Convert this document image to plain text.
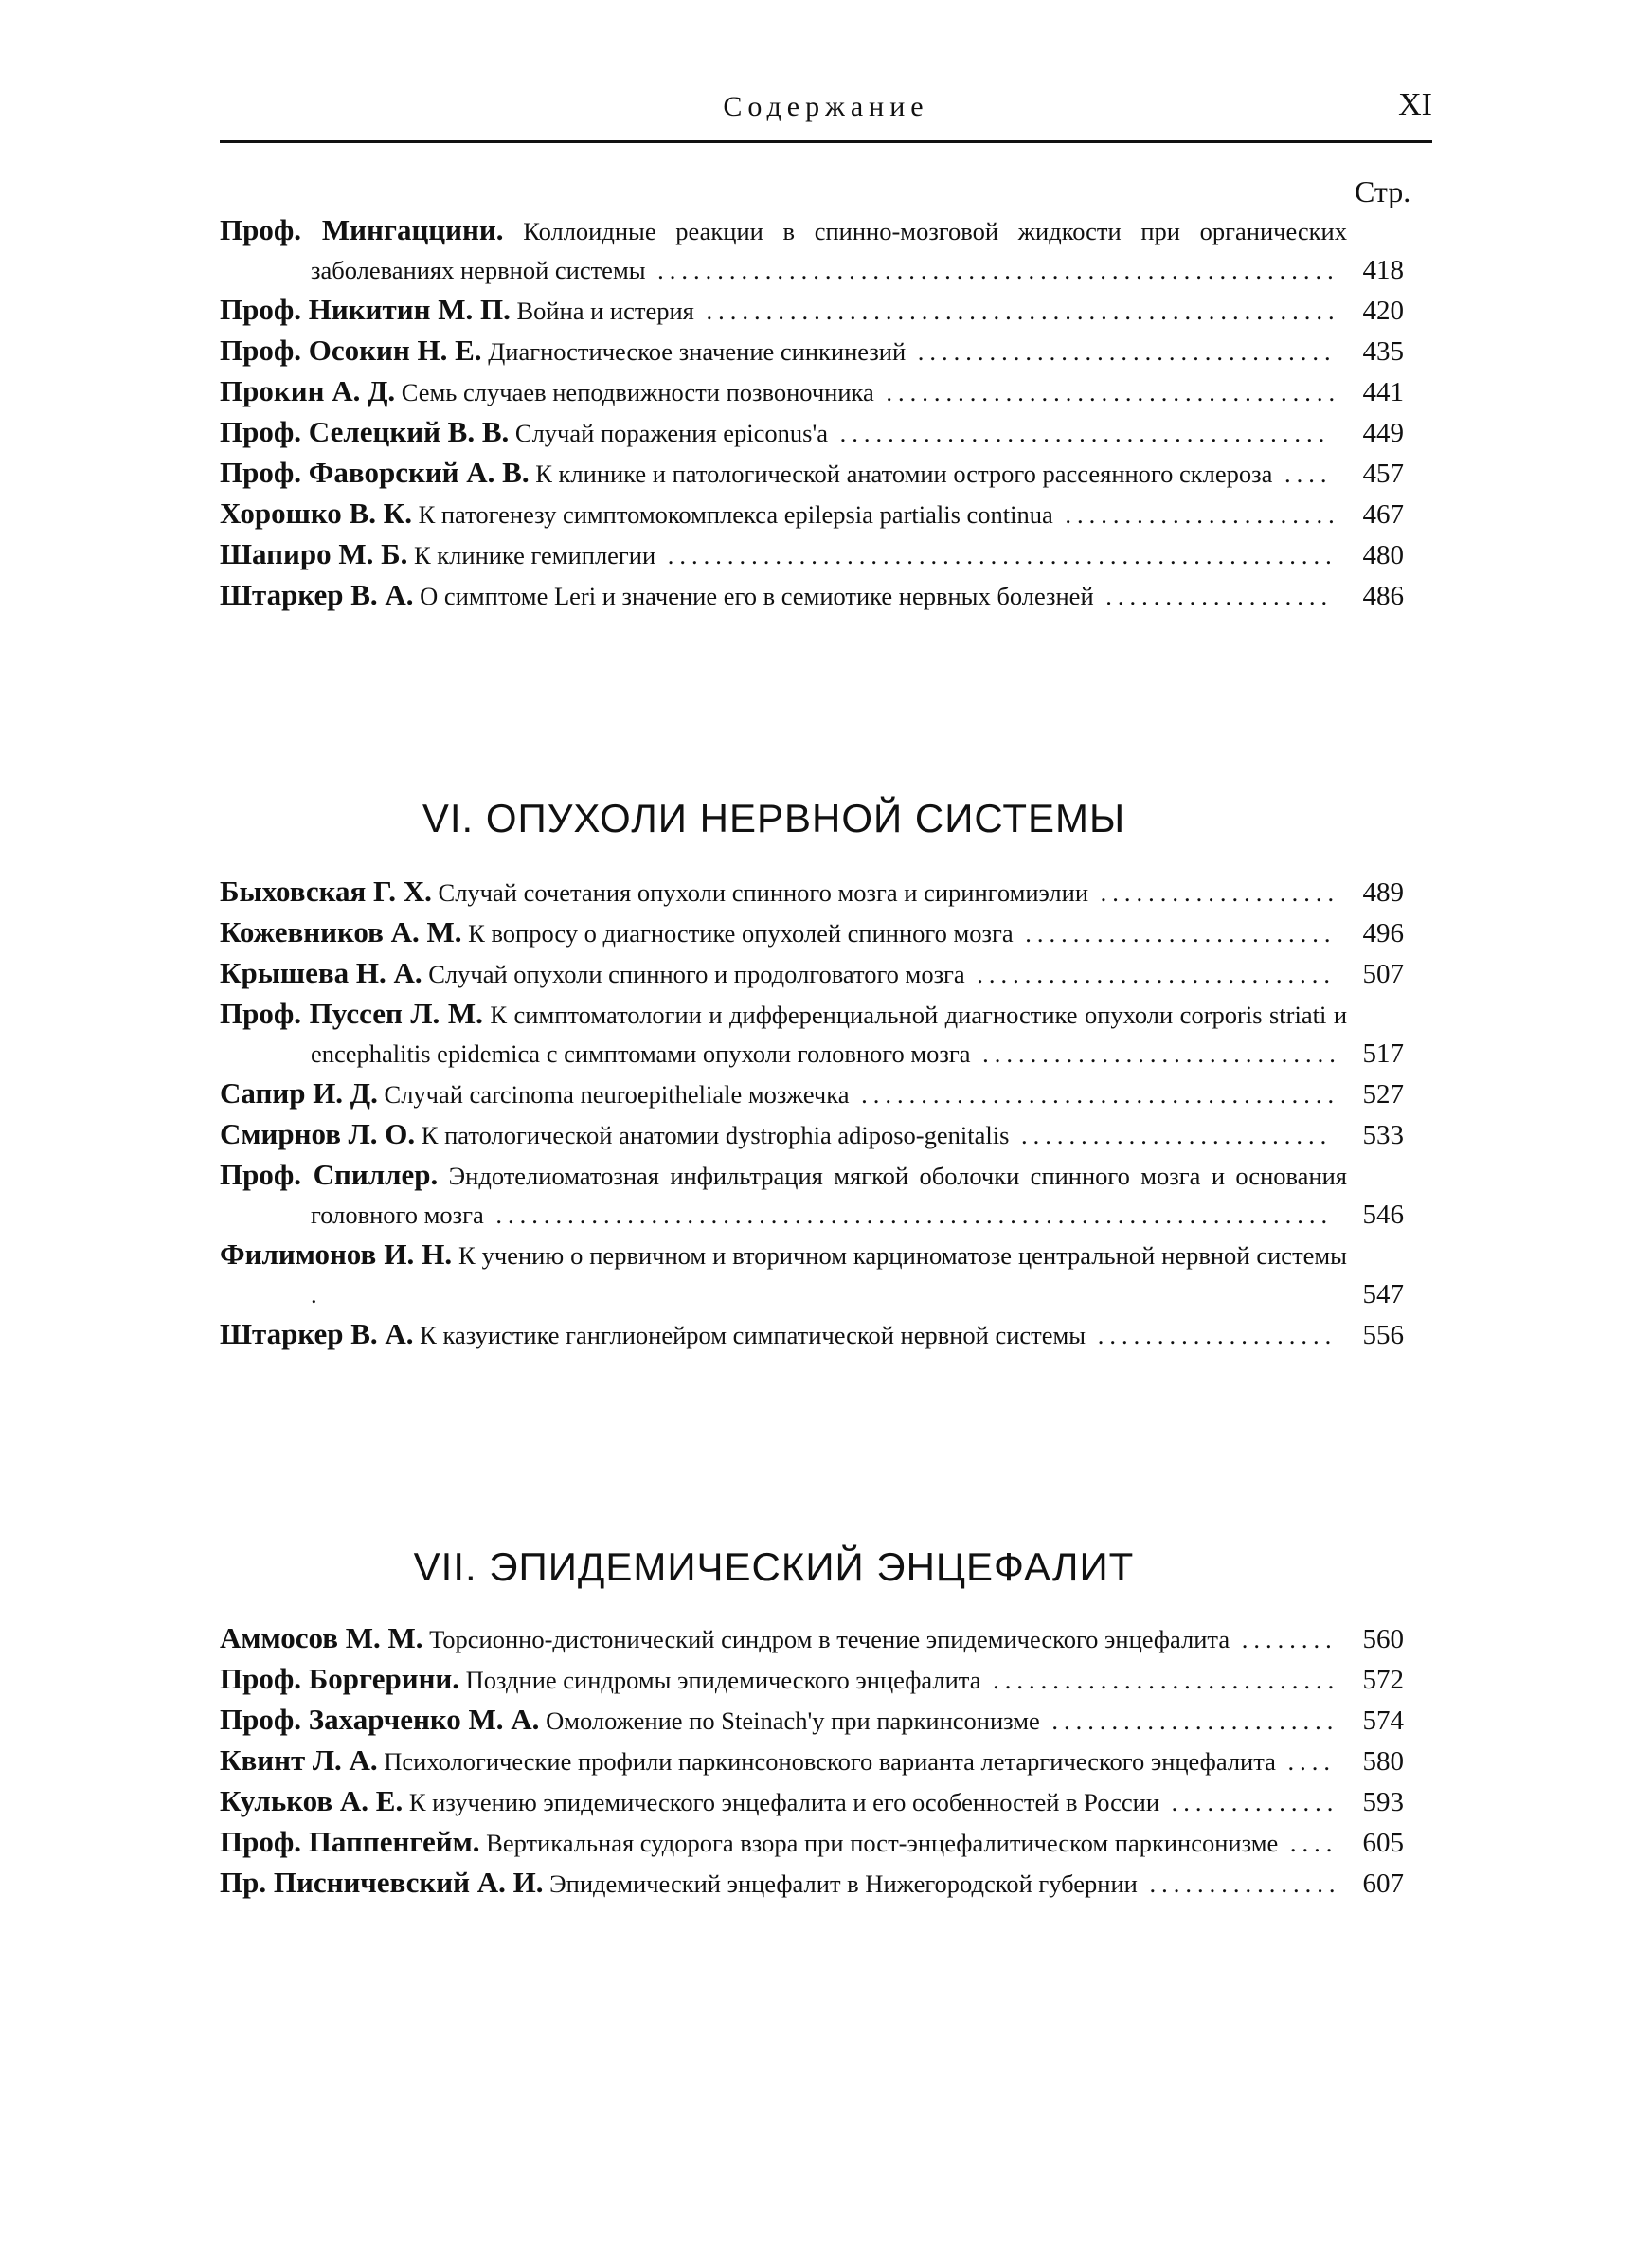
Содержание	XI
Стр.
Проф. Мингаццини. Коллоидные реакции в спинно-мозговой жидкости при органических заболеваниях нервной системы ......................................................... 418
Проф. Никитин М. П. Война и истерия ..................................................... 420
Проф. Осокин Н. Е. Диагностическое значение синкинезий ................................... 435
Прокин А. Д. Семь случаев неподвижности позвоночника ...................................... 441
Проф. Селецкий В. В. Случай поражения epiconus'a .........................................	449
Проф. Фаворский А. В. К клинике и патологической анатомии острого рассеянного склероза ....	457
Хорошко В. К. К патогенезу симптомокомплекса epilepsia partialis continua ....................... 467
Шапиро М. Б. К клинике гемиплегии ........................................................ 480
Штаркер В. А. О симптоме Leri и значение его в семиотике нервных болезней ...................	486
VI. ОПУХОЛИ НЕРВНОЙ СИСТЕМЫ
Быховская Г. Х. Случай сочетания опухоли спинного мозга и сирингомиэлии .................... 489
Кожевников А. М. К вопросу о диагностике опухолей спинного мозга .......................... 496
Крышева Н. А. Случай опухоли спинного и продолговатого мозга .............................. 507
Проф. Пуссеп Л. М. К симптоматологии и дифференциальной диагностике опухоли corporis striati и encephalitis epidemica с симптомами опухоли головного мозга .............................. 517
Сапир И. Д. Случай carcinoma neuroepitheliale мозжечка ........................................ 527
Смирнов Л. О. К патологической анатомии dystrophia adiposo-genitalis ..........................	533
Проф. Спиллер. Эндотелиоматозная инфильтрация мягкой оболочки спинного мозга и основания головного мозга ......................................................................	546
Филимонов И. Н. К учению о первичном и вторичном карциноматозе центральной нервной системы .	547
Штаркер В. А. К казуистике ганглионейром симпатической нервной системы .................... 556
VII. ЭПИДЕМИЧЕСКИЙ ЭНЦЕФАЛИТ
Аммосов М. М. Торсионно-дистонический синдром в течение эпидемического энцефалита ........ 560
Проф. Боргерини. Поздние синдромы эпидемического энцефалита ............................. 572
Проф. Захарченко М. А. Омоложение по Steinach'y при паркинсонизме ........................ 574
Квинт Л. А. Психологические профили паркинсоновского варианта летаргического энцефалита .... 580
Кульков А. Е. К изучению эпидемического энцефалита и его особенностей в России .............. 593
Проф. Паппенгейм. Вертикальная судорога взора при пост-энцефалитическом паркинсонизме .... 605
Пр. Писничевский А. И. Эпидемический энцефалит в Нижегородской губернии ................ 607
